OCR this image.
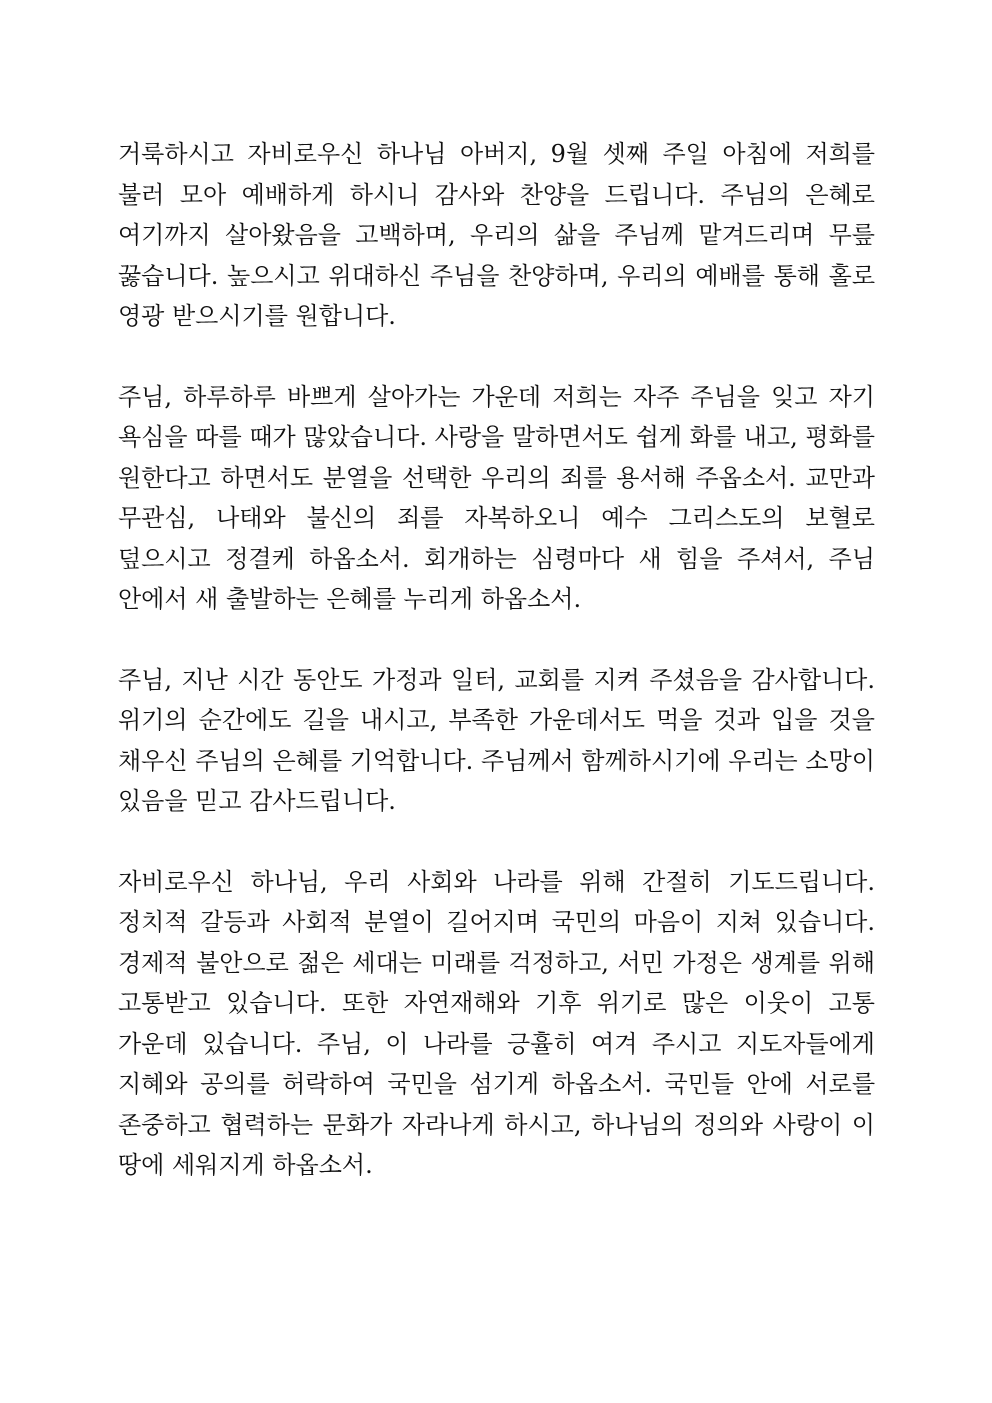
거룩하시고 자비로우신 하나님 아버지, 9월 셋째 주일 아침에 저희를 불러 모아 예배하게 하시니 감사와 찬양을 드립니다. 주님의 은혜로 여기까지 살아왔음을 고백하며, 우리의 삶을 주님께 맡겨드리며 무릎 꿇습니다. 높으시고 위대하신 주님을 찬양하며, 우리의 예배를 통해 홀로 영광 받으시기를 원합니다.

주님, 하루하루 바쁘게 살아가는 가운데 저희는 자주 주님을 잊고 자기 욕심을 따를 때가 많았습니다. 사랑을 말하면서도 쉽게 화를 내고, 평화를 원한다고 하면서도 분열을 선택한 우리의 죄를 용서해 주옵소서. 교만과 무관심, 나태와 불신의 죄를 자복하오니 예수 그리스도의 보혈로 덮으시고 정결케 하옵소서. 회개하는 심령마다 새 힘을 주셔서, 주님 안에서 새 출발하는 은혜를 누리게 하옵소서.

주님, 지난 시간 동안도 가정과 일터, 교회를 지켜 주셨음을 감사합니다. 위기의 순간에도 길을 내시고, 부족한 가운데서도 먹을 것과 입을 것을 채우신 주님의 은혜를 기억합니다. 주님께서 함께하시기에 우리는 소망이 있음을 믿고 감사드립니다.

자비로우신 하나님, 우리 사회와 나라를 위해 간절히 기도드립니다. 정치적 갈등과 사회적 분열이 길어지며 국민의 마음이 지쳐 있습니다. 경제적 불안으로 젊은 세대는 미래를 걱정하고, 서민 가정은 생계를 위해 고통받고 있습니다. 또한 자연재해와 기후 위기로 많은 이웃이 고통 가운데 있습니다. 주님, 이 나라를 긍휼히 여겨 주시고 지도자들에게 지혜와 공의를 허락하여 국민을 섬기게 하옵소서. 국민들 안에 서로를 존중하고 협력하는 문화가 자라나게 하시고, 하나님의 정의와 사랑이 이 땅에 세워지게 하옵소서.
